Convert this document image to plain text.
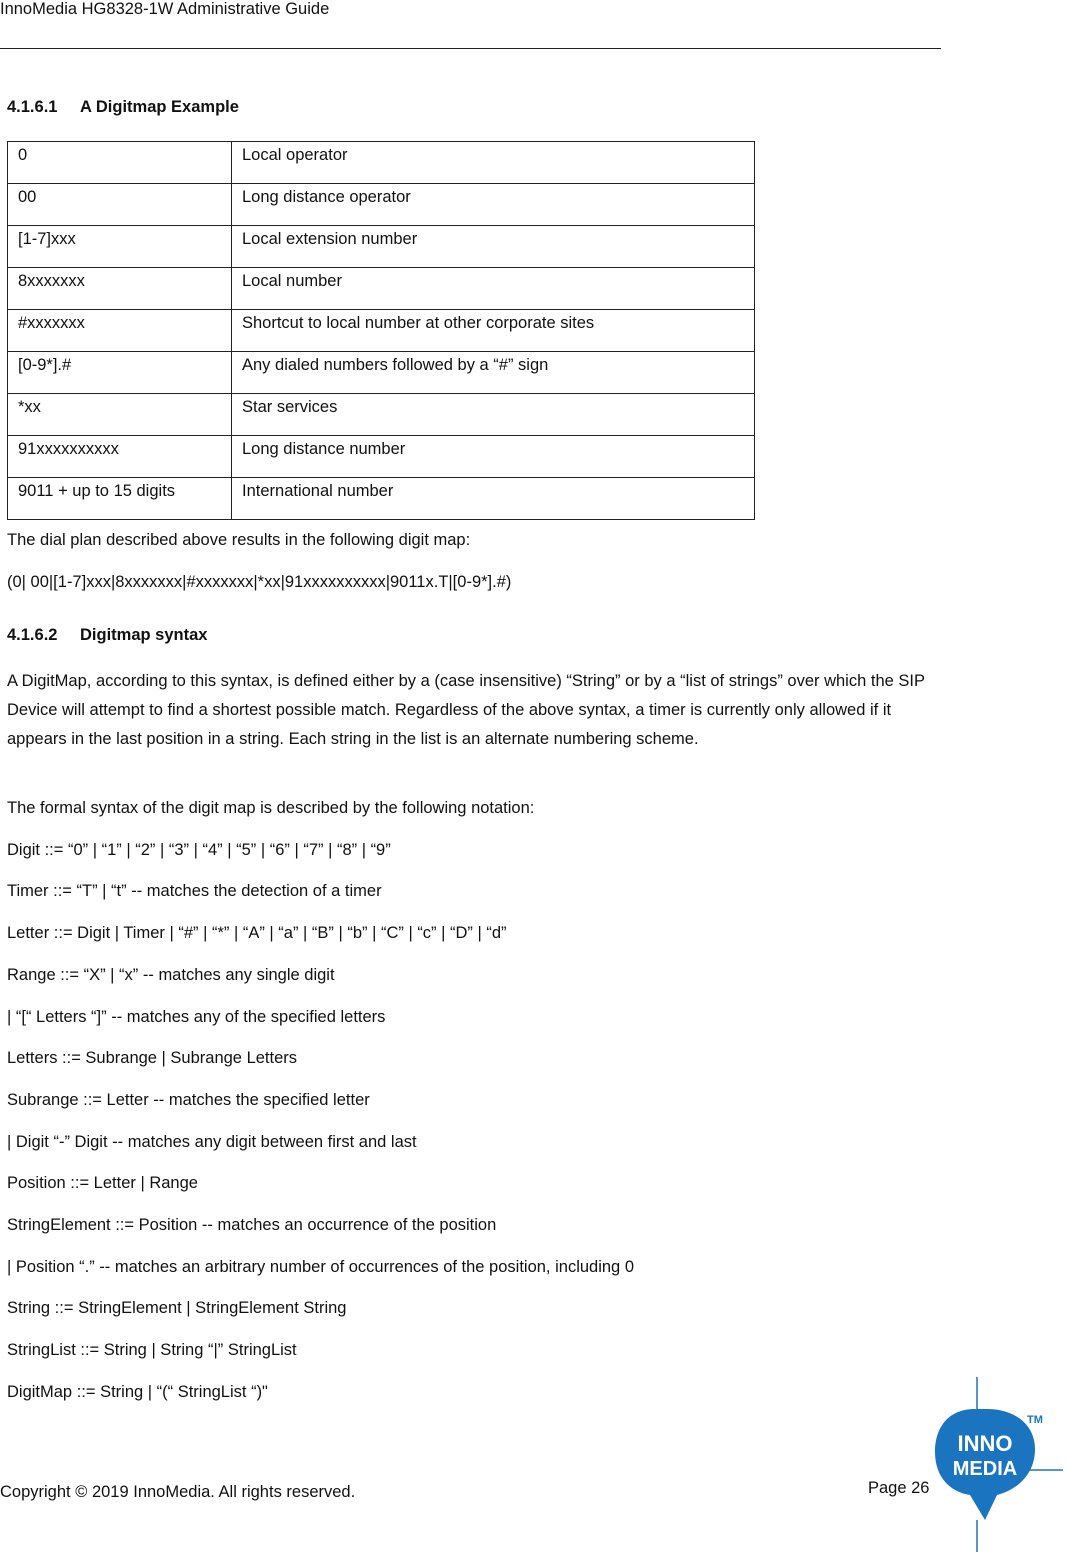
InnoMedia HG8328-1W Administrative Guide
4.1.6.1 A Digitmap Example
0	Local operator
00	Long distance operator
[1-7]xxx	Local extension number
8xxxxxxx	Local number
#xxxxxxx	Shortcut to local number at other corporate sites
[0-9*].#	Any dialed numbers followed by a “#” sign
*xx	Star services
91xxxxxxxxxx	Long distance number
9011 + up to 15 digits	International number
The dial plan described above results in the following digit map:
(0| 00|[1-7]xxx|8xxxxxxx|#xxxxxxx|*xx|91xxxxxxxxxx|9011x.T|[0-9*].#)
4.1.6.2 Digitmap syntax
A DigitMap, according to this syntax, is defined either by a (case insensitive) “String” or by a “list of strings” over which the SIP Device will attempt to find a shortest possible match. Regardless of the above syntax, a timer is currently only allowed if it appears in the last position in a string. Each string in the list is an alternate numbering scheme.
The formal syntax of the digit map is described by the following notation:
Digit ::= “0” | “1” | “2” | “3” | “4” | “5” | “6” | “7” | “8” | “9”
Timer ::= “T” | “t” -- matches the detection of a timer
Letter ::= Digit | Timer | “#” | “*” | “A” | “a” | “B” | “b” | “C” | “c” | “D” | “d”
Range ::= “X” | “x” -- matches any single digit
| “[“ Letters “]” -- matches any of the specified letters
Letters ::= Subrange | Subrange Letters
Subrange ::= Letter -- matches the specified letter
| Digit “-” Digit -- matches any digit between first and last
Position ::= Letter | Range
StringElement ::= Position -- matches an occurrence of the position
| Position “.” -- matches an arbitrary number of occurrences of the position, including 0
String ::= StringElement | StringElement String
StringList ::= String | String “|” StringList
DigitMap ::= String | “(“ StringList “)"
Copyright © 2019 InnoMedia. All rights reserved.	Page 26
INNO
MEDIA
TM
